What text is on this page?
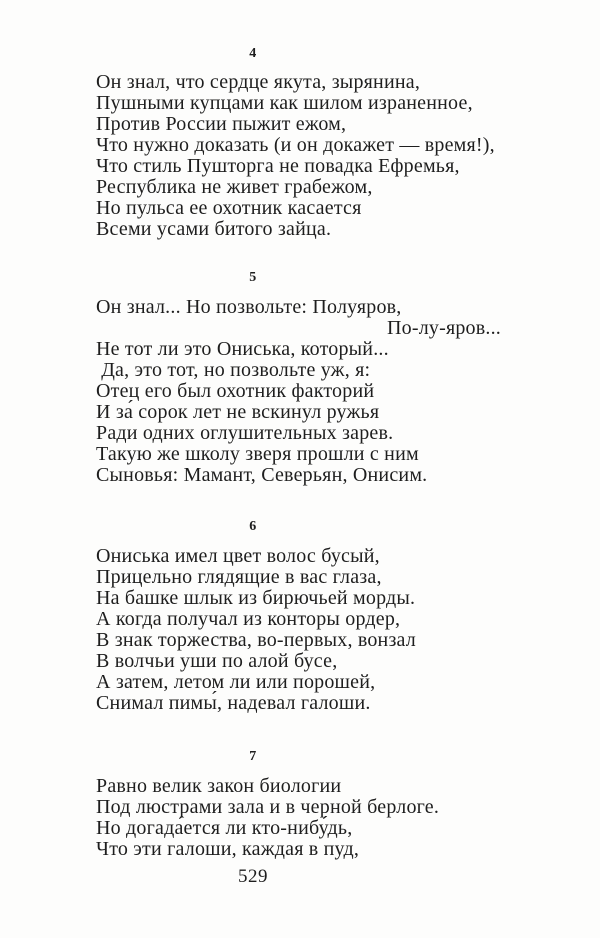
4
Он знал, что сердце якута, зырянина,
Пушными купцами как шилом израненное,
Против России пыжит ежом,
Что нужно доказать (и он докажет — время!),
Что стиль Пушторга не повадка Ефремья,
Республика не живет грабежом,
Но пульса ее охотник касается
Всеми усами битого зайца.
5
Он знал... Но позвольте: Полуяров,
По-лу-яров...
Не тот ли это Ониська, который...
Да, это тот, но позвольте уж, я:
Отец его был охотник факторий
И за́ сорок лет не вскинул ружья
Ради одних оглушительных зарев.
Такую же школу зверя прошли с ним
Сыновья: Мамант, Северьян, Онисим.
6
Ониська имел цвет волос бусый,
Прицельно глядящие в вас глаза,
На башке шлык из бирючьей морды.
А когда получал из конторы ордер,
В знак торжества, во-первых, вонзал
В волчьи уши по алой бусе,
А затем, летом ли или порошей,
Снимал пимы́, надевал галоши.
7
Равно велик закон биологии
Под люстрами зала и в черной берлоге.
Но догада́ется ли кто-нибу́дь,
Что эти галоши, каждая в пуд,
529
